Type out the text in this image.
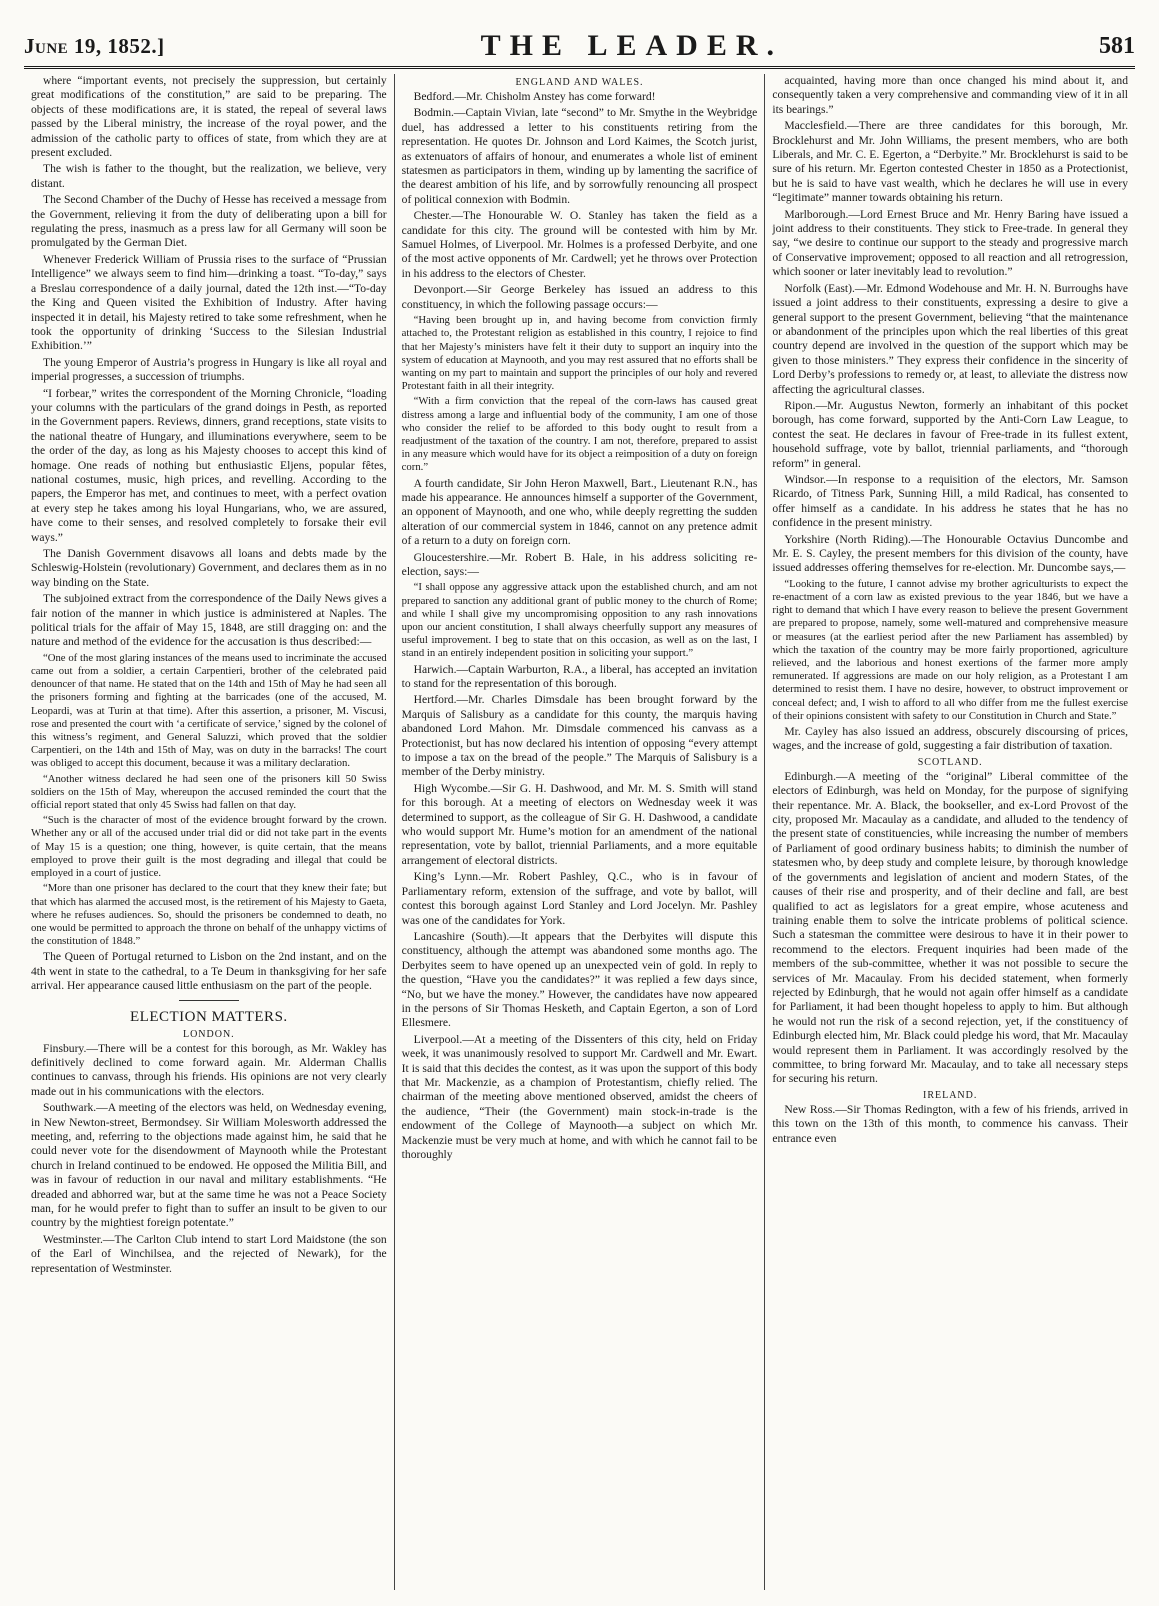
June 19, 1852.]	THE LEADER.	581

where “important events, not precisely the suppression, but certainly great modifications of the constitution,” are said to be preparing. The objects of these modifications are, it is stated, the repeal of several laws passed by the Liberal ministry, the increase of the royal power, and the admission of the catholic party to offices of state, from which they are at present excluded.

The wish is father to the thought, but the realization, we believe, very distant.

The Second Chamber of the Duchy of Hesse has received a message from the Government, relieving it from the duty of deliberating upon a bill for regulating the press, inasmuch as a press law for all Germany will soon be promulgated by the German Diet.

Whenever Frederick William of Prussia rises to the surface of “Prussian Intelligence” we always seem to find him—drinking a toast. “To-day,” says a Breslau correspondence of a daily journal, dated the 12th inst.—“To-day the King and Queen visited the Exhibition of Industry. After having inspected it in detail, his Majesty retired to take some refreshment, when he took the opportunity of drinking ‘Success to the Silesian Industrial Exhibition.’”

The young Emperor of Austria’s progress in Hungary is like all royal and imperial progresses, a succession of triumphs.

“I forbear,” writes the correspondent of the Morning Chronicle, “loading your columns with the particulars of the grand doings in Pesth, as reported in the Government papers. Reviews, dinners, grand receptions, state visits to the national theatre of Hungary, and illuminations everywhere, seem to be the order of the day, as long as his Majesty chooses to accept this kind of homage. One reads of nothing but enthusiastic Eljens, popular fêtes, national costumes, music, high prices, and revelling. According to the papers, the Emperor has met, and continues to meet, with a perfect ovation at every step he takes among his loyal Hungarians, who, we are assured, have come to their senses, and resolved completely to forsake their evil ways.”

The Danish Government disavows all loans and debts made by the Schleswig-Holstein (revolutionary) Government, and declares them as in no way binding on the State.

The subjoined extract from the correspondence of the Daily News gives a fair notion of the manner in which justice is administered at Naples. The political trials for the affair of May 15, 1848, are still dragging on: and the nature and method of the evidence for the accusation is thus described:—

“One of the most glaring instances of the means used to incriminate the accused came out from a soldier, a certain Carpentieri, brother of the celebrated paid denouncer of that name. He stated that on the 14th and 15th of May he had seen all the prisoners forming and fighting at the barricades (one of the accused, M. Leopardi, was at Turin at that time). After this assertion, a prisoner, M. Viscusi, rose and presented the court with ‘a certificate of service,’ signed by the colonel of this witness’s regiment, and General Saluzzi, which proved that the soldier Carpentieri, on the 14th and 15th of May, was on duty in the barracks! The court was obliged to accept this document, because it was a military declaration.

“Another witness declared he had seen one of the prisoners kill 50 Swiss soldiers on the 15th of May, whereupon the accused reminded the court that the official report stated that only 45 Swiss had fallen on that day.

“Such is the character of most of the evidence brought forward by the crown. Whether any or all of the accused under trial did or did not take part in the events of May 15 is a question; one thing, however, is quite certain, that the means employed to prove their guilt is the most degrading and illegal that could be employed in a court of justice.

“More than one prisoner has declared to the court that they knew their fate; but that which has alarmed the accused most, is the retirement of his Majesty to Gaeta, where he refuses audiences. So, should the prisoners be condemned to death, no one would be permitted to approach the throne on behalf of the unhappy victims of the constitution of 1848.”

The Queen of Portugal returned to Lisbon on the 2nd instant, and on the 4th went in state to the cathedral, to a Te Deum in thanksgiving for her safe arrival. Her appearance caused little enthusiasm on the part of the people.

ELECTION MATTERS.
LONDON.

Finsbury.—There will be a contest for this borough, as Mr. Wakley has definitively declined to come forward again. Mr. Alderman Challis continues to canvass, through his friends. His opinions are not very clearly made out in his communications with the electors.

Southwark.—A meeting of the electors was held, on Wednesday evening, in New Newton-street, Bermondsey. Sir William Molesworth addressed the meeting, and, referring to the objections made against him, he said that he could never vote for the disendowment of Maynooth while the Protestant church in Ireland continued to be endowed. He opposed the Militia Bill, and was in favour of reduction in our naval and military establishments. “He dreaded and abhorred war, but at the same time he was not a Peace Society man, for he would prefer to fight than to suffer an insult to be given to our country by the mightiest foreign potentate.”

Westminster.—The Carlton Club intend to start Lord Maidstone (the son of the Earl of Winchilsea, and the rejected of Newark), for the representation of Westminster.

ENGLAND AND WALES.

Bedford.—Mr. Chisholm Anstey has come forward!

Bodmin.—Captain Vivian, late “second” to Mr. Smythe in the Weybridge duel, has addressed a letter to his constituents retiring from the representation. He quotes Dr. Johnson and Lord Kaimes, the Scotch jurist, as extenuators of affairs of honour, and enumerates a whole list of eminent statesmen as participators in them, winding up by lamenting the sacrifice of the dearest ambition of his life, and by sorrowfully renouncing all prospect of political connexion with Bodmin.

Chester.—The Honourable W. O. Stanley has taken the field as a candidate for this city. The ground will be contested with him by Mr. Samuel Holmes, of Liverpool. Mr. Holmes is a professed Derbyite, and one of the most active opponents of Mr. Cardwell; yet he throws over Protection in his address to the electors of Chester.

Devonport.—Sir George Berkeley has issued an address to this constituency, in which the following passage occurs:—

“Having been brought up in, and having become from conviction firmly attached to, the Protestant religion as established in this country, I rejoice to find that her Majesty’s ministers have felt it their duty to support an inquiry into the system of education at Maynooth, and you may rest assured that no efforts shall be wanting on my part to maintain and support the principles of our holy and revered Protestant faith in all their integrity.

“With a firm conviction that the repeal of the corn-laws has caused great distress among a large and influential body of the community, I am one of those who consider the relief to be afforded to this body ought to result from a readjustment of the taxation of the country. I am not, therefore, prepared to assist in any measure which would have for its object a reimposition of a duty on foreign corn.”

A fourth candidate, Sir John Heron Maxwell, Bart., Lieutenant R.N., has made his appearance. He announces himself a supporter of the Government, an opponent of Maynooth, and one who, while deeply regretting the sudden alteration of our commercial system in 1846, cannot on any pretence admit of a return to a duty on foreign corn.

Gloucestershire.—Mr. Robert B. Hale, in his address soliciting re-election, says:—

“I shall oppose any aggressive attack upon the established church, and am not prepared to sanction any additional grant of public money to the church of Rome; and while I shall give my uncompromising opposition to any rash innovations upon our ancient constitution, I shall always cheerfully support any measures of useful improvement. I beg to state that on this occasion, as well as on the last, I stand in an entirely independent position in soliciting your support.”

Harwich.—Captain Warburton, R.A., a liberal, has accepted an invitation to stand for the representation of this borough.

Hertford.—Mr. Charles Dimsdale has been brought forward by the Marquis of Salisbury as a candidate for this county, the marquis having abandoned Lord Mahon. Mr. Dimsdale commenced his canvass as a Protectionist, but has now declared his intention of opposing “every attempt to impose a tax on the bread of the people.” The Marquis of Salisbury is a member of the Derby ministry.

High Wycombe.—Sir G. H. Dashwood, and Mr. M. S. Smith will stand for this borough. At a meeting of electors on Wednesday week it was determined to support, as the colleague of Sir G. H. Dashwood, a candidate who would support Mr. Hume’s motion for an amendment of the national representation, vote by ballot, triennial Parliaments, and a more equitable arrangement of electoral districts.

King’s Lynn.—Mr. Robert Pashley, Q.C., who is in favour of Parliamentary reform, extension of the suffrage, and vote by ballot, will contest this borough against Lord Stanley and Lord Jocelyn. Mr. Pashley was one of the candidates for York.

Lancashire (South).—It appears that the Derbyites will dispute this constituency, although the attempt was abandoned some months ago. The Derbyites seem to have opened up an unexpected vein of gold. In reply to the question, “Have you the candidates?” it was replied a few days since, “No, but we have the money.” However, the candidates have now appeared in the persons of Sir Thomas Hesketh, and Captain Egerton, a son of Lord Ellesmere.

Liverpool.—At a meeting of the Dissenters of this city, held on Friday week, it was unanimously resolved to support Mr. Cardwell and Mr. Ewart. It is said that this decides the contest, as it was upon the support of this body that Mr. Mackenzie, as a champion of Protestantism, chiefly relied. The chairman of the meeting above mentioned observed, amidst the cheers of the audience, “Their (the Government) main stock-in-trade is the endowment of the College of Maynooth—a subject on which Mr. Mackenzie must be very much at home, and with which he cannot fail to be thoroughly

acquainted, having more than once changed his mind about it, and consequently taken a very comprehensive and commanding view of it in all its bearings.”

Macclesfield.—There are three candidates for this borough, Mr. Brocklehurst and Mr. John Williams, the present members, who are both Liberals, and Mr. C. E. Egerton, a “Derbyite.” Mr. Brocklehurst is said to be sure of his return. Mr. Egerton contested Chester in 1850 as a Protectionist, but he is said to have vast wealth, which he declares he will use in every “legitimate” manner towards obtaining his return.

Marlborough.—Lord Ernest Bruce and Mr. Henry Baring have issued a joint address to their constituents. They stick to Free-trade. In general they say, “we desire to continue our support to the steady and progressive march of Conservative improvement; opposed to all reaction and all retrogression, which sooner or later inevitably lead to revolution.”

Norfolk (East).—Mr. Edmond Wodehouse and Mr. H. N. Burroughs have issued a joint address to their constituents, expressing a desire to give a general support to the present Government, believing “that the maintenance or abandonment of the principles upon which the real liberties of this great country depend are involved in the question of the support which may be given to those ministers.” They express their confidence in the sincerity of Lord Derby’s professions to remedy or, at least, to alleviate the distress now affecting the agricultural classes.

Ripon.—Mr. Augustus Newton, formerly an inhabitant of this pocket borough, has come forward, supported by the Anti-Corn Law League, to contest the seat. He declares in favour of Free-trade in its fullest extent, household suffrage, vote by ballot, triennial parliaments, and “thorough reform” in general.

Windsor.—In response to a requisition of the electors, Mr. Samson Ricardo, of Titness Park, Sunning Hill, a mild Radical, has consented to offer himself as a candidate. In his address he states that he has no confidence in the present ministry.

Yorkshire (North Riding).—The Honourable Octavius Duncombe and Mr. E. S. Cayley, the present members for this division of the county, have issued addresses offering themselves for re-election. Mr. Duncombe says,—

“Looking to the future, I cannot advise my brother agriculturists to expect the re-enactment of a corn law as existed previous to the year 1846, but we have a right to demand that which I have every reason to believe the present Government are prepared to propose, namely, some well-matured and comprehensive measure or measures (at the earliest period after the new Parliament has assembled) by which the taxation of the country may be more fairly proportioned, agriculture relieved, and the laborious and honest exertions of the farmer more amply remunerated. If aggressions are made on our holy religion, as a Protestant I am determined to resist them. I have no desire, however, to obstruct improvement or conceal defect; and, I wish to afford to all who differ from me the fullest exercise of their opinions consistent with safety to our Constitution in Church and State.”

Mr. Cayley has also issued an address, obscurely discoursing of prices, wages, and the increase of gold, suggesting a fair distribution of taxation.

SCOTLAND.

Edinburgh.—A meeting of the “original” Liberal committee of the electors of Edinburgh, was held on Monday, for the purpose of signifying their repentance. Mr. A. Black, the bookseller, and ex-Lord Provost of the city, proposed Mr. Macaulay as a candidate, and alluded to the tendency of the present state of constituencies, while increasing the number of members of Parliament of good ordinary business habits; to diminish the number of statesmen who, by deep study and complete leisure, by thorough knowledge of the governments and legislation of ancient and modern States, of the causes of their rise and prosperity, and of their decline and fall, are best qualified to act as legislators for a great empire, whose acuteness and training enable them to solve the intricate problems of political science. Such a statesman the committee were desirous to have it in their power to recommend to the electors. Frequent inquiries had been made of the members of the sub-committee, whether it was not possible to secure the services of Mr. Macaulay. From his decided statement, when formerly rejected by Edinburgh, that he would not again offer himself as a candidate for Parliament, it had been thought hopeless to apply to him. But although he would not run the risk of a second rejection, yet, if the constituency of Edinburgh elected him, Mr. Black could pledge his word, that Mr. Macaulay would represent them in Parliament. It was accordingly resolved by the committee, to bring forward Mr. Macaulay, and to take all necessary steps for securing his return.

IRELAND.

New Ross.—Sir Thomas Redington, with a few of his friends, arrived in this town on the 13th of this month, to commence his canvass. Their entrance even
